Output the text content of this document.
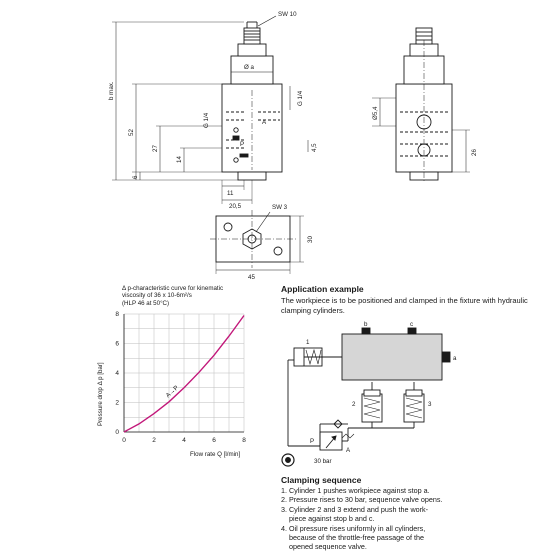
SW 10
Ø a
b max.
52
27
14
6
G 1/4
G 1/4
A
P
11
20,5
4,5
Ø5,4
26
SW 3
45
30
Δ p-characteristic curve for kinematic
viscosity of 36 x 10-6m²/s
(HLP 46 at 50°C)
0	2	4	6	8
0
2
4
6
8
A→P
Pressure drop Δ p [bar]
Flow rate Q [l/min]
Application example
The workpiece is to be positioned and clamped in the fixture with hydraulic clamping cylinders.
b	c
a
1
2	3
P
A
30 bar
Clamping sequence
1. Cylinder 1 pushes workpiece against stop a.
2. Pressure rises to 30 bar, sequence valve opens.
3. Cylinder 2 and 3 extend and push the work-
piece against stop b and c.
4. Oil pressure rises uniformly in all cylinders,
because of the throttle-free passage of the
opened sequence valve.
